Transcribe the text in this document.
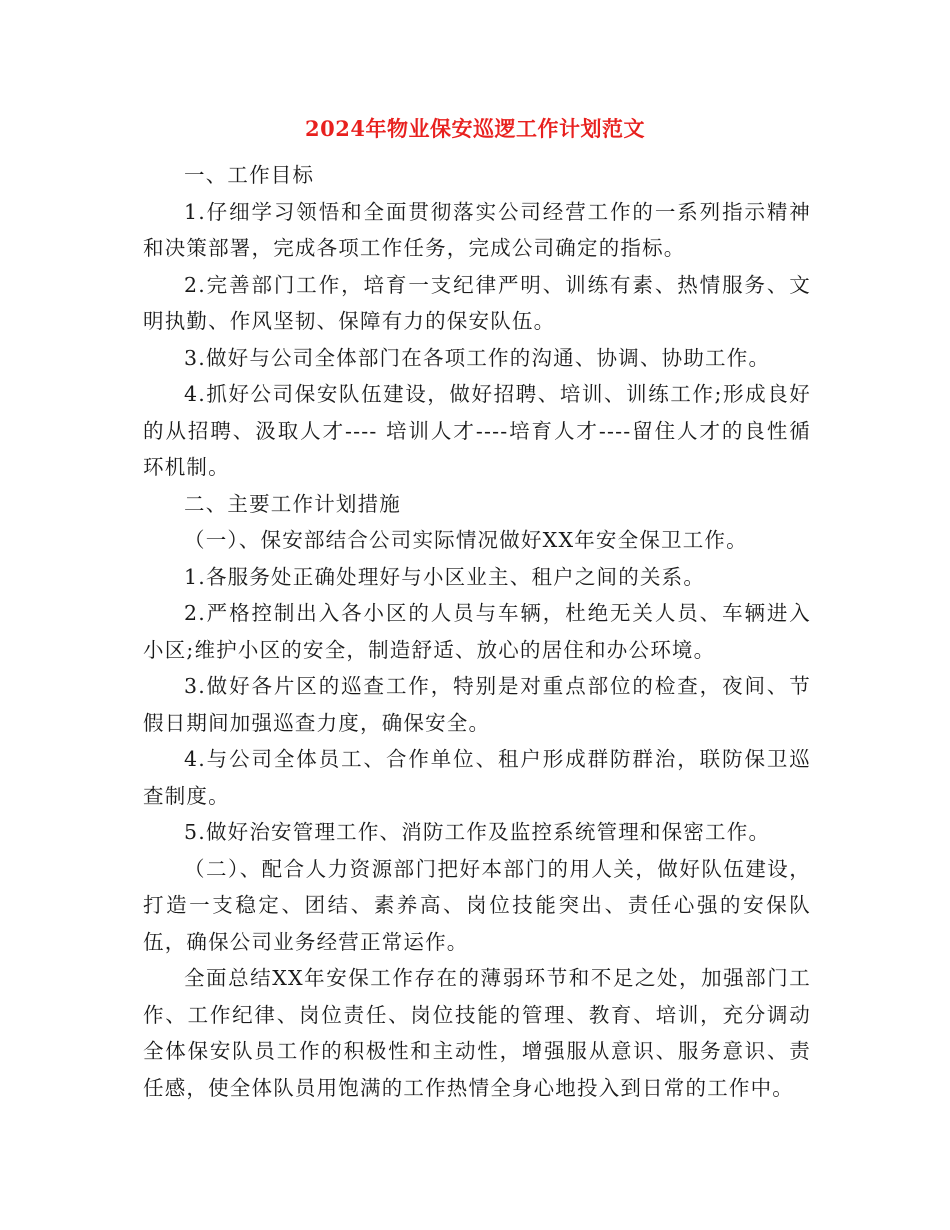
2024年物业保安巡逻工作计划范文

一、工作目标

1.仔细学习领悟和全面贯彻落实公司经营工作的一系列指示精神和决策部署，完成各项工作任务，完成公司确定的指标。

2.完善部门工作，培育一支纪律严明、训练有素、热情服务、文明执勤、作风坚韧、保障有力的保安队伍。

3.做好与公司全体部门在各项工作的沟通、协调、协助工作。

4.抓好公司保安队伍建设，做好招聘、培训、训练工作;形成良好的从招聘、汲取人才---- 培训人才----培育人才----留住人才的良性循环机制。

二、主要工作计划措施

（一）、保安部结合公司实际情况做好XX年安全保卫工作。

1.各服务处正确处理好与小区业主、租户之间的关系。

2.严格控制出入各小区的人员与车辆，杜绝无关人员、车辆进入小区;维护小区的安全，制造舒适、放心的居住和办公环境。

3.做好各片区的巡查工作，特别是对重点部位的检查，夜间、节假日期间加强巡查力度，确保安全。

4.与公司全体员工、合作单位、租户形成群防群治，联防保卫巡查制度。

5.做好治安管理工作、消防工作及监控系统管理和保密工作。

（二）、配合人力资源部门把好本部门的用人关，做好队伍建设，打造一支稳定、团结、素养高、岗位技能突出、责任心强的安保队伍，确保公司业务经营正常运作。

全面总结XX年安保工作存在的薄弱环节和不足之处，加强部门工作、工作纪律、岗位责任、岗位技能的管理、教育、培训，充分调动全体保安队员工作的积极性和主动性，增强服从意识、服务意识、责任感，使全体队员用饱满的工作热情全身心地投入到日常的工作中。
